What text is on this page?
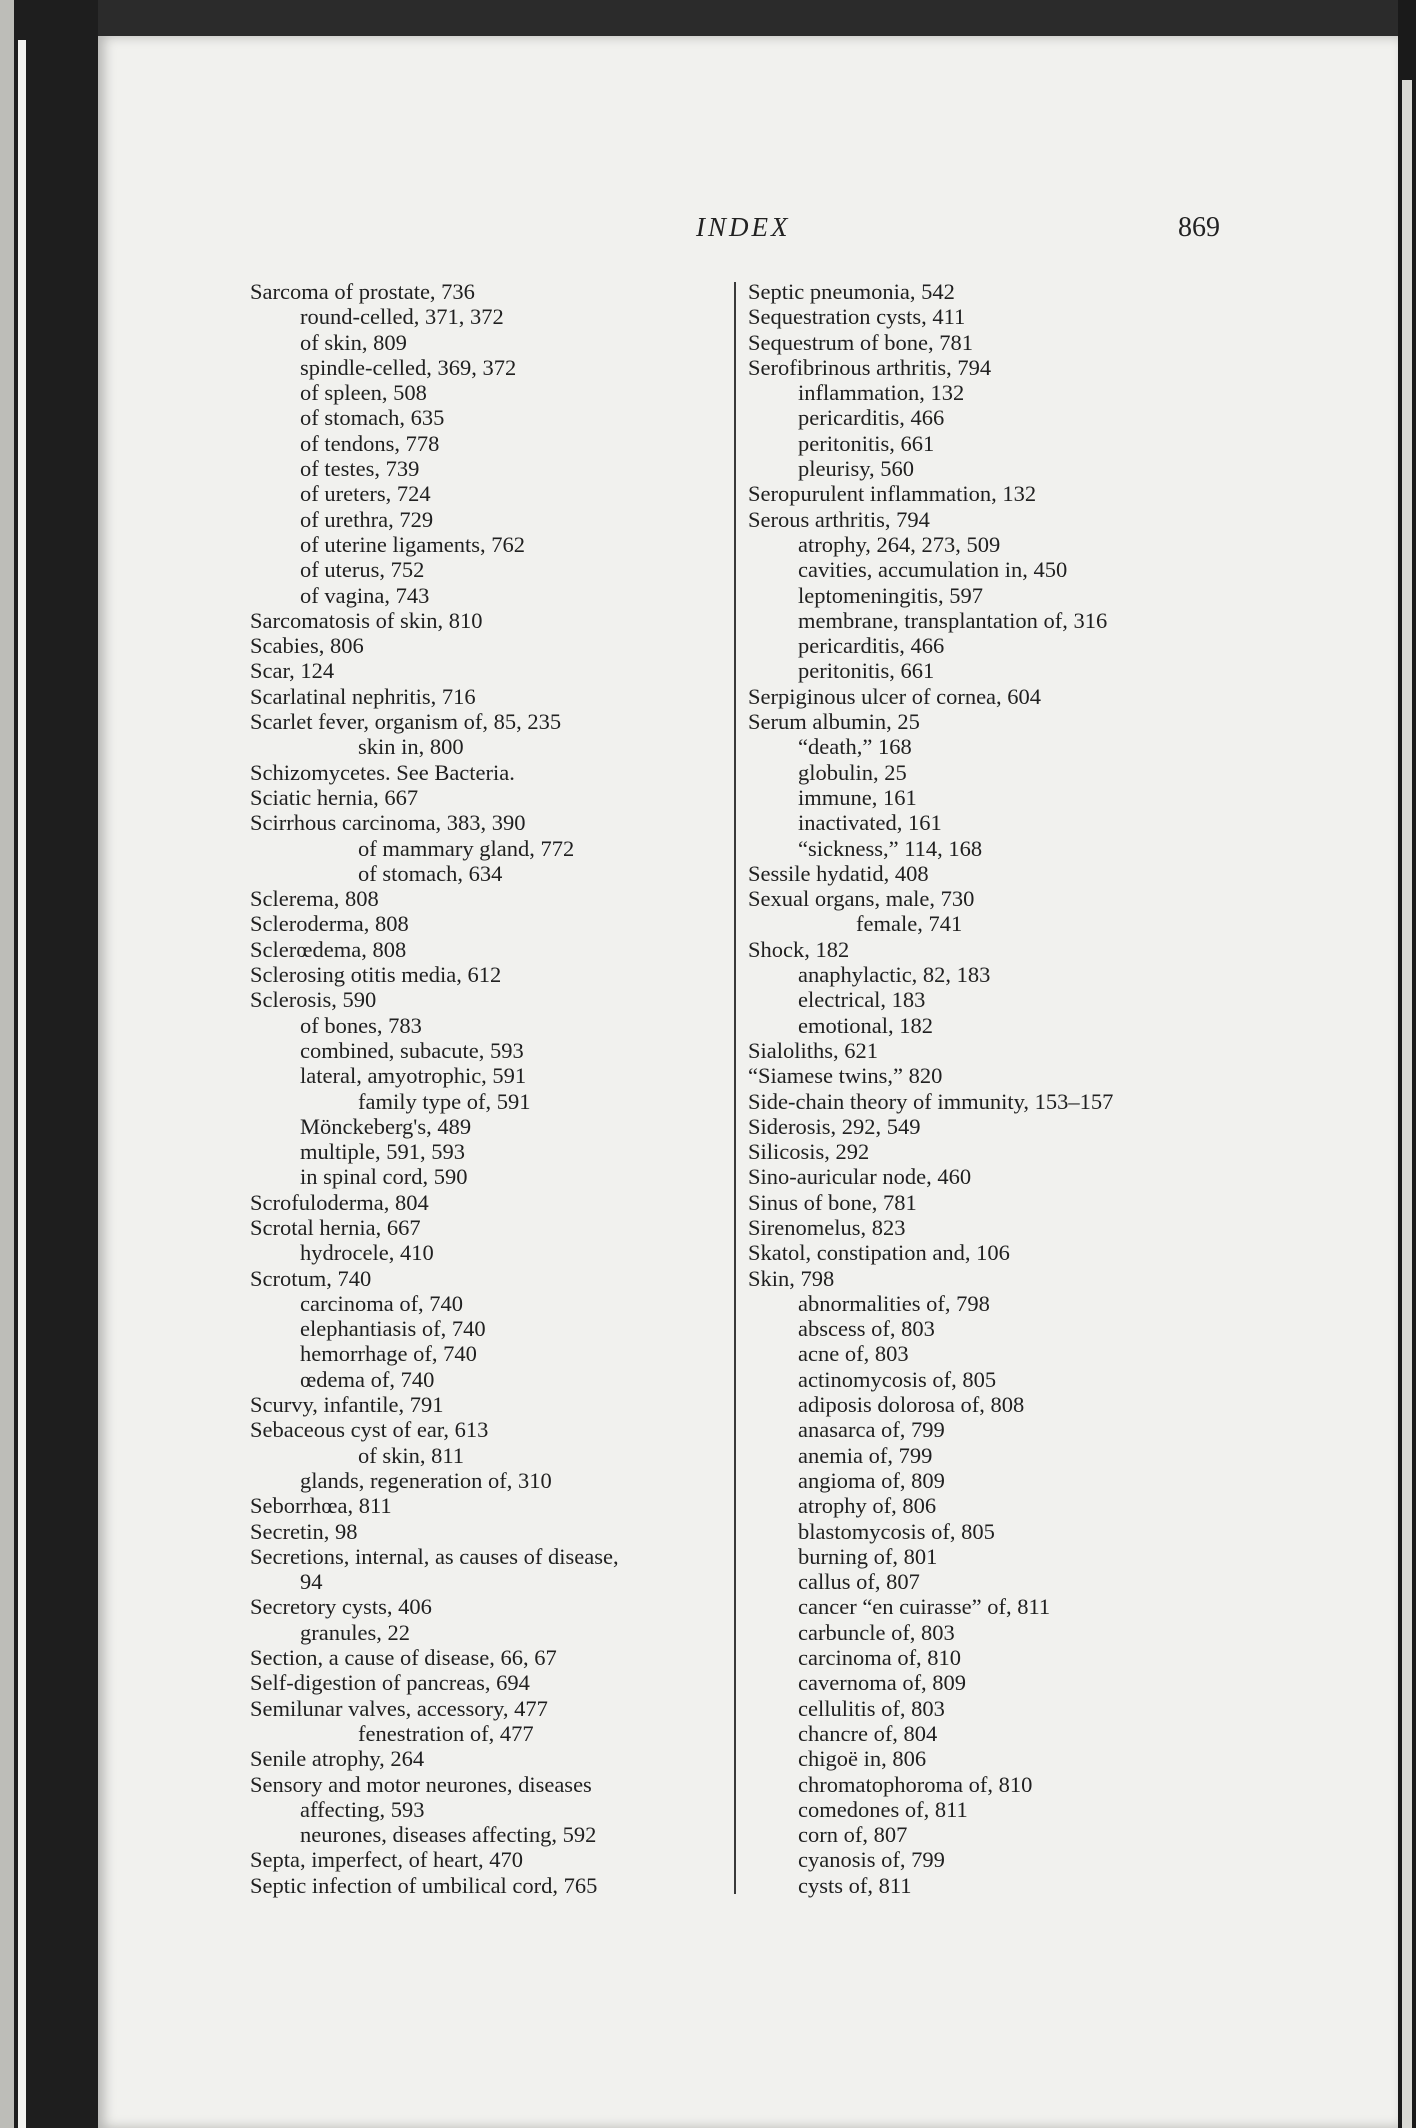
INDEX	869
Sarcoma of prostate, 736
round-celled, 371, 372
of skin, 809
spindle-celled, 369, 372
of spleen, 508
of stomach, 635
of tendons, 778
of testes, 739
of ureters, 724
of urethra, 729
of uterine ligaments, 762
of uterus, 752
of vagina, 743
Sarcomatosis of skin, 810
Scabies, 806
Scar, 124
Scarlatinal nephritis, 716
Scarlet fever, organism of, 85, 235
skin in, 800
Schizomycetes. See Bacteria.
Sciatic hernia, 667
Scirrhous carcinoma, 383, 390
of mammary gland, 772
of stomach, 634
Sclerema, 808
Scleroderma, 808
Sclerœdema, 808
Sclerosing otitis media, 612
Sclerosis, 590
of bones, 783
combined, subacute, 593
lateral, amyotrophic, 591
family type of, 591
Mönckeberg's, 489
multiple, 591, 593
in spinal cord, 590
Scrofuloderma, 804
Scrotal hernia, 667
hydrocele, 410
Scrotum, 740
carcinoma of, 740
elephantiasis of, 740
hemorrhage of, 740
œdema of, 740
Scurvy, infantile, 791
Sebaceous cyst of ear, 613
of skin, 811
glands, regeneration of, 310
Seborrhœa, 811
Secretin, 98
Secretions, internal, as causes of disease,
94
Secretory cysts, 406
granules, 22
Section, a cause of disease, 66, 67
Self-digestion of pancreas, 694
Semilunar valves, accessory, 477
fenestration of, 477
Senile atrophy, 264
Sensory and motor neurones, diseases
affecting, 593
neurones, diseases affecting, 592
Septa, imperfect, of heart, 470
Septic infection of umbilical cord, 765
Septic pneumonia, 542
Sequestration cysts, 411
Sequestrum of bone, 781
Serofibrinous arthritis, 794
inflammation, 132
pericarditis, 466
peritonitis, 661
pleurisy, 560
Seropurulent inflammation, 132
Serous arthritis, 794
atrophy, 264, 273, 509
cavities, accumulation in, 450
leptomeningitis, 597
membrane, transplantation of, 316
pericarditis, 466
peritonitis, 661
Serpiginous ulcer of cornea, 604
Serum albumin, 25
“death,” 168
globulin, 25
immune, 161
inactivated, 161
“sickness,” 114, 168
Sessile hydatid, 408
Sexual organs, male, 730
female, 741
Shock, 182
anaphylactic, 82, 183
electrical, 183
emotional, 182
Sialoliths, 621
“Siamese twins,” 820
Side-chain theory of immunity, 153–157
Siderosis, 292, 549
Silicosis, 292
Sino-auricular node, 460
Sinus of bone, 781
Sirenomelus, 823
Skatol, constipation and, 106
Skin, 798
abnormalities of, 798
abscess of, 803
acne of, 803
actinomycosis of, 805
adiposis dolorosa of, 808
anasarca of, 799
anemia of, 799
angioma of, 809
atrophy of, 806
blastomycosis of, 805
burning of, 801
callus of, 807
cancer “en cuirasse” of, 811
carbuncle of, 803
carcinoma of, 810
cavernoma of, 809
cellulitis of, 803
chancre of, 804
chigoë in, 806
chromatophoroma of, 810
comedones of, 811
corn of, 807
cyanosis of, 799
cysts of, 811
